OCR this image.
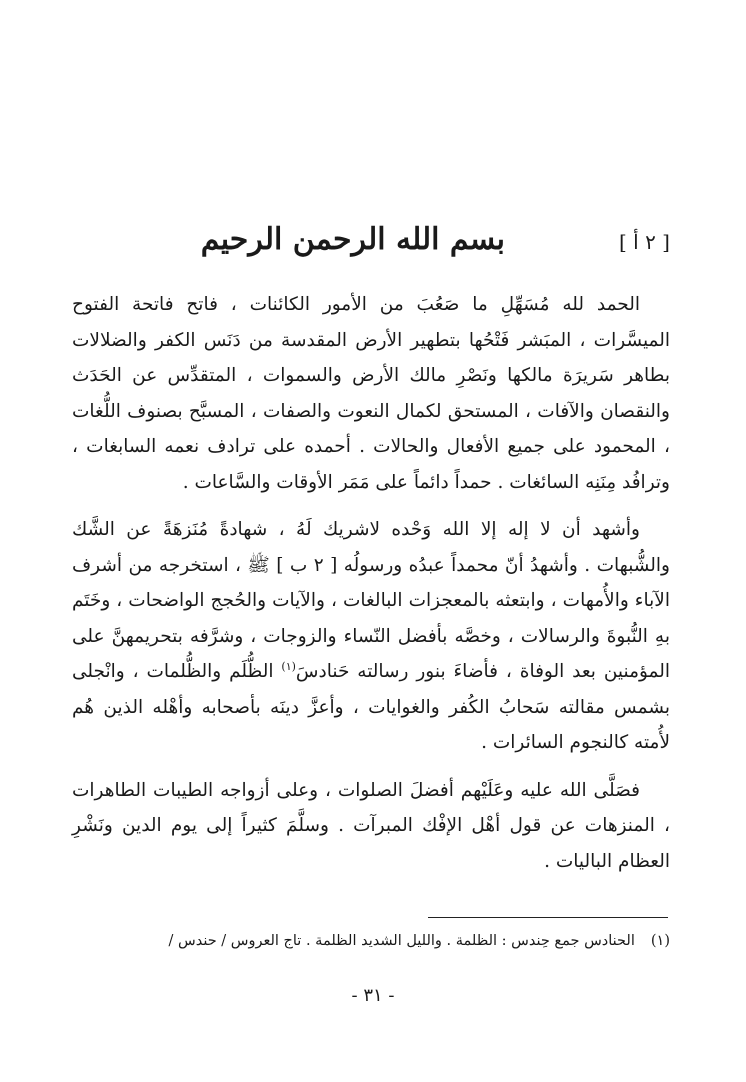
[ ٢ أ ]
بسم الله الرحمن الرحيم

الحمد لله مُسَهِّلِ ما صَعُبَ من الأمور الكائنات ، فاتح فاتحة الفتوح الميسَّرات ، المبَشر فَتْحُها بتطهير الأرض المقدسة من دَنَس الكفر والضلالات بطاهر سَريرَة مالكها ونَصْرِ مالك الأرض والسموات ، المتقدِّس عن الحَدَث والنقصان والآفات ، المستحق لكمال النعوت والصفات ، المسبَّح بصنوف اللُّغات ، المحمود على جميع الأفعال والحالات . أحمده على ترادف نعمه السابغات ، وترافُد مِنَنِه السائغات . حمداً دائماً على مَمَر الأوقات والسَّاعات .

وأشهد أن لا إله إلا الله وَحْده لاشريك لَهُ ، شهادةً مُنَزهَةً عن الشَّك والشُّبهات . وأشهدُ أنّ محمداً عبدُه ورسولُه [ ٢ ب ] ﷺ ، استخرجه من أشرف الآباء والأُمهات ، وابتعثه بالمعجزات البالغات ، والآيات والحُجج الواضحات ، وخَتَم بهِ النُّبوةَ والرسالات ، وخصَّه بأفضل النّساء والزوجات ، وشرَّفه بتحريمهنَّ على المؤمنين بعد الوفاة ، فأضاءَ بنور رسالته حَنادسَ$^{(١)}$ الظُّلَم والظُّلمات ، وانْجلى بشمس مقالته سَحابُ الكُفر والغوايات ، وأعزَّ دينَه بأصحابه وأهْله الذين هُم لأُمته كالنجوم السائرات .

فصَلَّى الله عليه وعَلَيْهم أفضلَ الصلوات ، وعلى أزواجه الطيبات الطاهرات ، المنزهات عن قول أهْل الإفْك المبرآت . وسلَّمَ كثيراً إلى يوم الدين ونَشْرِ العظام الباليات .

(١)الحنادس جمع حِندس : الظلمة . والليل الشديد الظلمة . تاج العروس / حندس /
- ٣١ -
